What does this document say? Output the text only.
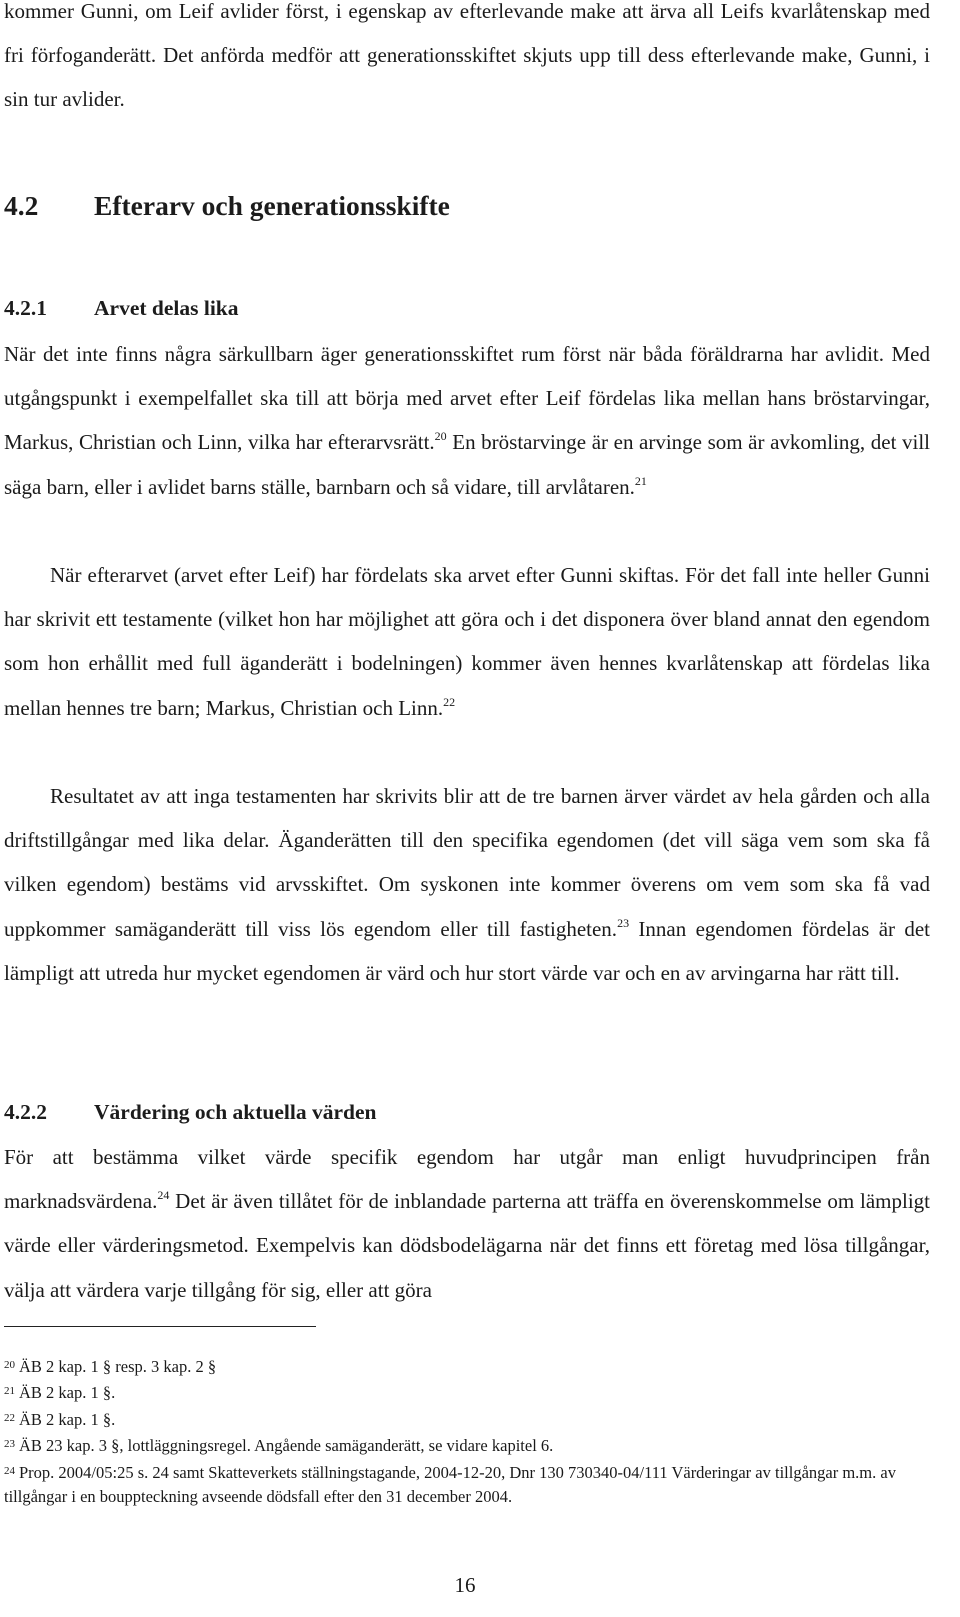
kommer Gunni, om Leif avlider först, i egenskap av efterlevande make att ärva all Leifs kvarlåtenskap med fri förfoganderätt. Det anförda medför att generationsskiftet skjuts upp till dess efterlevande make, Gunni, i sin tur avlider.

4.2 Efterarv och generationsskifte
4.2.1 Arvet delas lika

När det inte finns några särkullbarn äger generationsskiftet rum först när båda föräldrarna har avlidit. Med utgångspunkt i exempelfallet ska till att börja med arvet efter Leif fördelas lika mellan hans bröstarvingar, Markus, Christian och Linn, vilka har efterarvsrätt.$^{20}$ En bröstarvinge är en arvinge som är avkomling, det vill säga barn, eller i avlidet barns ställe, barnbarn och så vidare, till arvlåtaren.$^{21}$

När efterarvet (arvet efter Leif) har fördelats ska arvet efter Gunni skiftas. För det fall inte heller Gunni har skrivit ett testamente (vilket hon har möjlighet att göra och i det disponera över bland annat den egendom som hon erhållit med full äganderätt i bodelningen) kommer även hennes kvarlåtenskap att fördelas lika mellan hennes tre barn; Markus, Christian och Linn.$^{22}$

Resultatet av att inga testamenten har skrivits blir att de tre barnen ärver värdet av hela gården och alla driftstillgångar med lika delar. Äganderätten till den specifika egendomen (det vill säga vem som ska få vilken egendom) bestäms vid arvsskiftet. Om syskonen inte kommer överens om vem som ska få vad uppkommer samäganderätt till viss lös egendom eller till fastigheten.$^{23}$ Innan egendomen fördelas är det lämpligt att utreda hur mycket egendomen är värd och hur stort värde var och en av arvingarna har rätt till.

4.2.2 Värdering och aktuella värden

För att bestämma vilket värde specifik egendom har utgår man enligt huvudprincipen från marknadsvärdena.$^{24}$ Det är även tillåtet för de inblandade parterna att träffa en överenskommelse om lämpligt värde eller värderingsmetod. Exempelvis kan dödsbodelägarna när det finns ett företag med lösa tillgångar, välja att värdera varje tillgång för sig, eller att göra

$^{20}$ ÄB 2 kap. 1 § resp. 3 kap. 2 §

$^{21}$ ÄB 2 kap. 1 §.

$^{22}$ ÄB 2 kap. 1 §.

$^{23}$ ÄB 23 kap. 3 §, lottläggningsregel. Angående samäganderätt, se vidare kapitel 6.

$^{24}$ Prop. 2004/05:25 s. 24 samt Skatteverkets ställningstagande, 2004-12-20, Dnr 130 730340-04/111 Värderingar av tillgångar m.m. av tillgångar i en bouppteckning avseende dödsfall efter den 31 december 2004.

16
